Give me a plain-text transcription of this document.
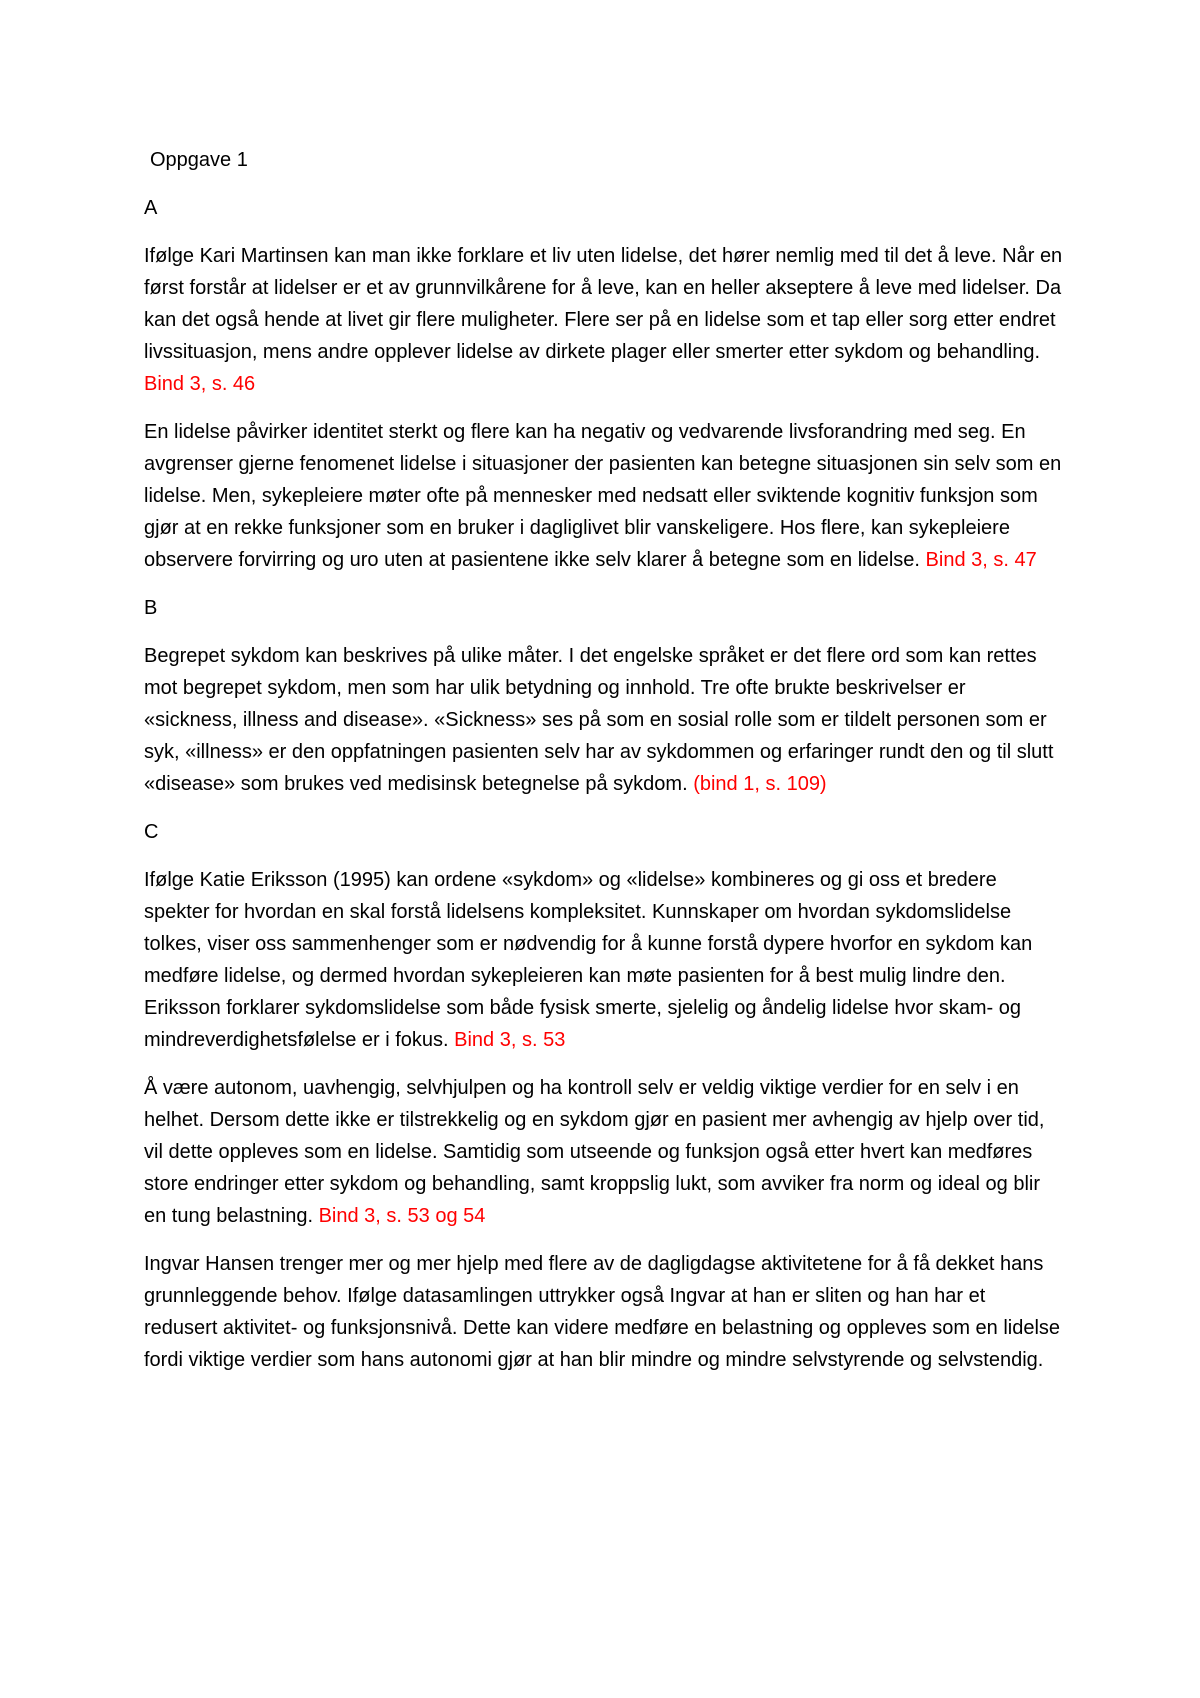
Oppgave 1
A

Ifølge Kari Martinsen kan man ikke forklare et liv uten lidelse, det hører nemlig med til det å leve. Når en først forstår at lidelser er et av grunnvilkårene for å leve, kan en heller akseptere å leve med lidelser. Da kan det også hende at livet gir flere muligheter. Flere ser på en lidelse som et tap eller sorg etter endret livssituasjon, mens andre opplever lidelse av dirkete plager eller smerter etter sykdom og behandling. Bind 3, s. 46

En lidelse påvirker identitet sterkt og flere kan ha negativ og vedvarende livsforandring med seg. En avgrenser gjerne fenomenet lidelse i situasjoner der pasienten kan betegne situasjonen sin selv som en lidelse. Men, sykepleiere møter ofte på mennesker med nedsatt eller sviktende kognitiv funksjon som gjør at en rekke funksjoner som en bruker i dagliglivet blir vanskeligere. Hos flere, kan sykepleiere observere forvirring og uro uten at pasientene ikke selv klarer å betegne som en lidelse. Bind 3, s. 47

B

Begrepet sykdom kan beskrives på ulike måter. I det engelske språket er det flere ord som kan rettes mot begrepet sykdom, men som har ulik betydning og innhold. Tre ofte brukte beskrivelser er «sickness, illness and disease». «Sickness» ses på som en sosial rolle som er tildelt personen som er syk, «illness» er den oppfatningen pasienten selv har av sykdommen og erfaringer rundt den og til slutt «disease» som brukes ved medisinsk betegnelse på sykdom. (bind 1, s. 109)

C

Ifølge Katie Eriksson (1995) kan ordene «sykdom» og «lidelse» kombineres og gi oss et bredere spekter for hvordan en skal forstå lidelsens kompleksitet. Kunnskaper om hvordan sykdomslidelse tolkes, viser oss sammenhenger som er nødvendig for å kunne forstå dypere hvorfor en sykdom kan medføre lidelse, og dermed hvordan sykepleieren kan møte pasienten for å best mulig lindre den. Eriksson forklarer sykdomslidelse som både fysisk smerte, sjelelig og åndelig lidelse hvor skam- og mindreverdighetsfølelse er i fokus. Bind 3, s. 53

Å være autonom, uavhengig, selvhjulpen og ha kontroll selv er veldig viktige verdier for en selv i en helhet. Dersom dette ikke er tilstrekkelig og en sykdom gjør en pasient mer avhengig av hjelp over tid, vil dette oppleves som en lidelse. Samtidig som utseende og funksjon også etter hvert kan medføres store endringer etter sykdom og behandling, samt kroppslig lukt, som avviker fra norm og ideal og blir en tung belastning. Bind 3, s. 53 og 54

Ingvar Hansen trenger mer og mer hjelp med flere av de dagligdagse aktivitetene for å få dekket hans grunnleggende behov. Ifølge datasamlingen uttrykker også Ingvar at han er sliten og han har et redusert aktivitet- og funksjonsnivå. Dette kan videre medføre en belastning og oppleves som en lidelse fordi viktige verdier som hans autonomi gjør at han blir mindre og mindre selvstyrende og selvstendig.
